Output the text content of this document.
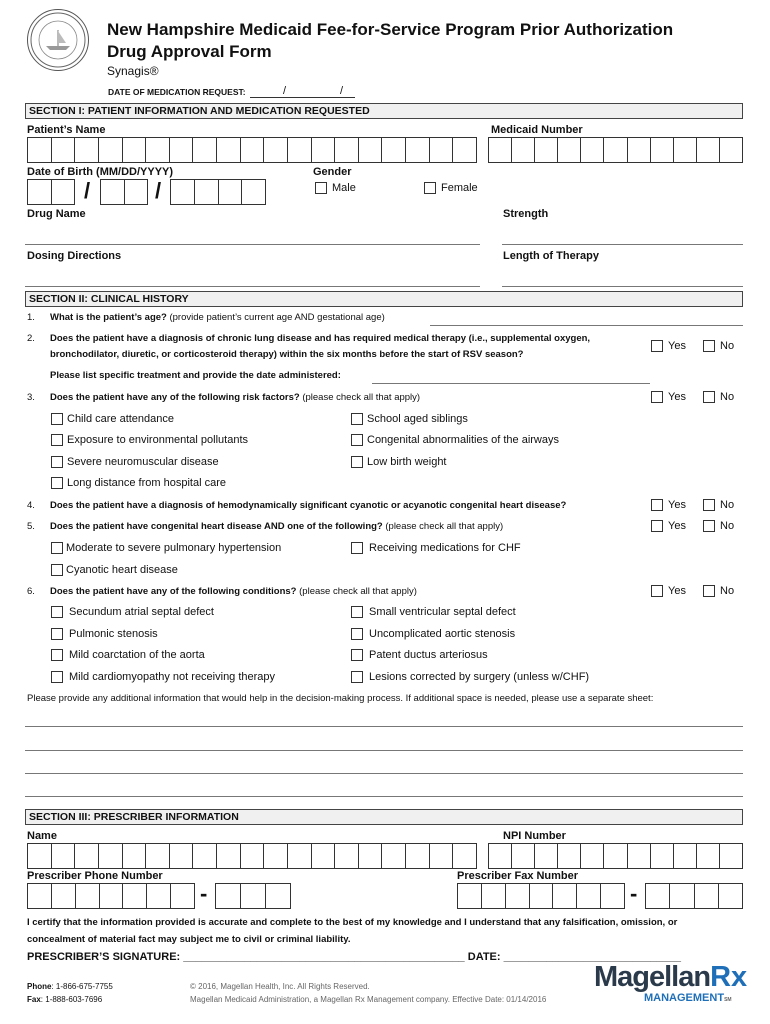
New Hampshire Medicaid Fee-for-Service Program Prior Authorization
Drug Approval Form
Synagis®
DATE OF MEDICATION REQUEST:	/	/
SECTION I: PATIENT INFORMATION AND MEDICATION REQUESTED
Patient’s Name	Medicaid Number
Date of Birth (MM/DD/YYYY)	Gender
/	/	Male	Female
Drug Name	Strength
Dosing Directions	Length of Therapy
SECTION II: CLINICAL HISTORY
1. What is the patient’s age? (provide patient’s current age AND gestational age)
2. Does the patient have a diagnosis of chronic lung disease and has required medical therapy (i.e., supplemental oxygen,
bronchodilator, diuretic, or corticosteroid therapy) within the six months before the start of RSV season?
Yes	No
Please list specific treatment and provide the date administered:
3. Does the patient have any of the following risk factors? (please check all that apply)	Yes	No
Child care attendance	School aged siblings
Exposure to environmental pollutants	Congenital abnormalities of the airways
Severe neuromuscular disease	Low birth weight
Long distance from hospital care
4. Does the patient have a diagnosis of hemodynamically significant cyanotic or acyanotic congenital heart disease?	Yes	No
5. Does the patient have congenital heart disease AND one of the following? (please check all that apply)	Yes	No
Moderate to severe pulmonary hypertension	Receiving medications for CHF
Cyanotic heart disease
6. Does the patient have any of the following conditions? (please check all that apply)	Yes	No
Secundum atrial septal defect	Small ventricular septal defect
Pulmonic stenosis	Uncomplicated aortic stenosis
Mild coarctation of the aorta	Patent ductus arteriosus
Mild cardiomyopathy not receiving therapy	Lesions corrected by surgery (unless w/CHF)
Please provide any additional information that would help in the decision-making process. If additional space is needed, please use a separate sheet:
SECTION III: PRESCRIBER INFORMATION
Name	NPI Number
Prescriber Phone Number	Prescriber Fax Number
-	-
I certify that the information provided is accurate and complete to the best of my knowledge and I understand that any falsification, omission, or
concealment of material fact may subject me to civil or criminal liability.
PRESCRIBER’S SIGNATURE: ______________________________________________ DATE: _____________________________
Phone: 1-866-675-7755
Fax: 1-888-603-7696
© 2016, Magellan Health, Inc. All Rights Reserved.
Magellan Medicaid Administration, a Magellan Rx Management company. Effective Date: 01/14/2016
MagellanRx
MANAGEMENTSM
